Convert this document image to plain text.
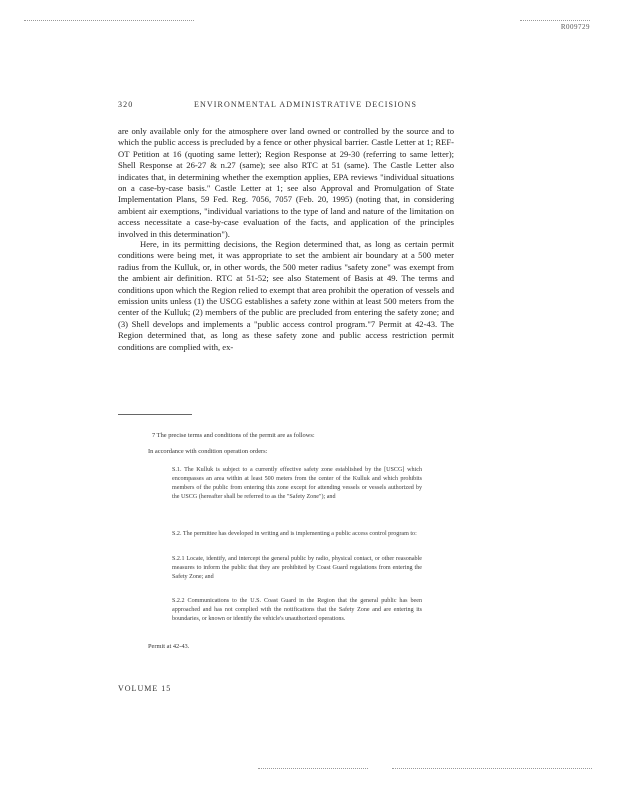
R009729
320	ENVIRONMENTAL ADMINISTRATIVE DECISIONS

are only available only for the atmosphere over land owned or controlled by the source and to which the public access is precluded by a fence or other physical barrier. Castle Letter at 1; REF-OT Petition at 16 (quoting same letter); Region Response at 29-30 (referring to same letter); Shell Response at 26-27 & n.27 (same); see also RTC at 51 (same). The Castle Letter also indicates that, in determining whether the exemption applies, EPA reviews "individual situations on a case-by-case basis." Castle Letter at 1; see also Approval and Promulgation of State Implementation Plans, 59 Fed. Reg. 7056, 7057 (Feb. 20, 1995) (noting that, in considering ambient air exemptions, "individual variations to the type of land and nature of the limitation on access necessitate a case-by-case evaluation of the facts, and application of the principles involved in this determination").

Here, in its permitting decisions, the Region determined that, as long as certain permit conditions were being met, it was appropriate to set the ambient air boundary at a 500 meter radius from the Kulluk, or, in other words, the 500 meter radius "safety zone" was exempt from the ambient air definition. RTC at 51-52; see also Statement of Basis at 49. The terms and conditions upon which the Region relied to exempt that area prohibit the operation of vessels and emission units unless (1) the USCG establishes a safety zone within at least 500 meters from the center of the Kulluk; (2) members of the public are precluded from entering the safety zone; and (3) Shell develops and implements a "public access control program."7 Permit at 42-43. The Region determined that, as long as these safety zone and public access restriction permit conditions are complied with, ex-

7 The precise terms and conditions of the permit are as follows:

In accordance with condition operation orders:

S.1. The Kulluk is subject to a currently effective safety zone established by the [USCG] which encompasses an area within at least 500 meters from the center of the Kulluk and which prohibits members of the public from entering this zone except for attending vessels or vessels authorized by the USCG (hereafter shall be referred to as the "Safety Zone"); and

S.2. The permittee has developed in writing and is implementing a public access control program to:

S.2.1 Locate, identify, and intercept the general public by radio, physical contact, or other reasonable measures to inform the public that they are prohibited by Coast Guard regulations from entering the Safety Zone; and

S.2.2 Communications to the U.S. Coast Guard in the Region that the general public has been approached and has not complied with the notifications that the Safety Zone and are entering its boundaries, or known or identify the vehicle's unauthorized operations.

Permit at 42-43.

VOLUME 15
